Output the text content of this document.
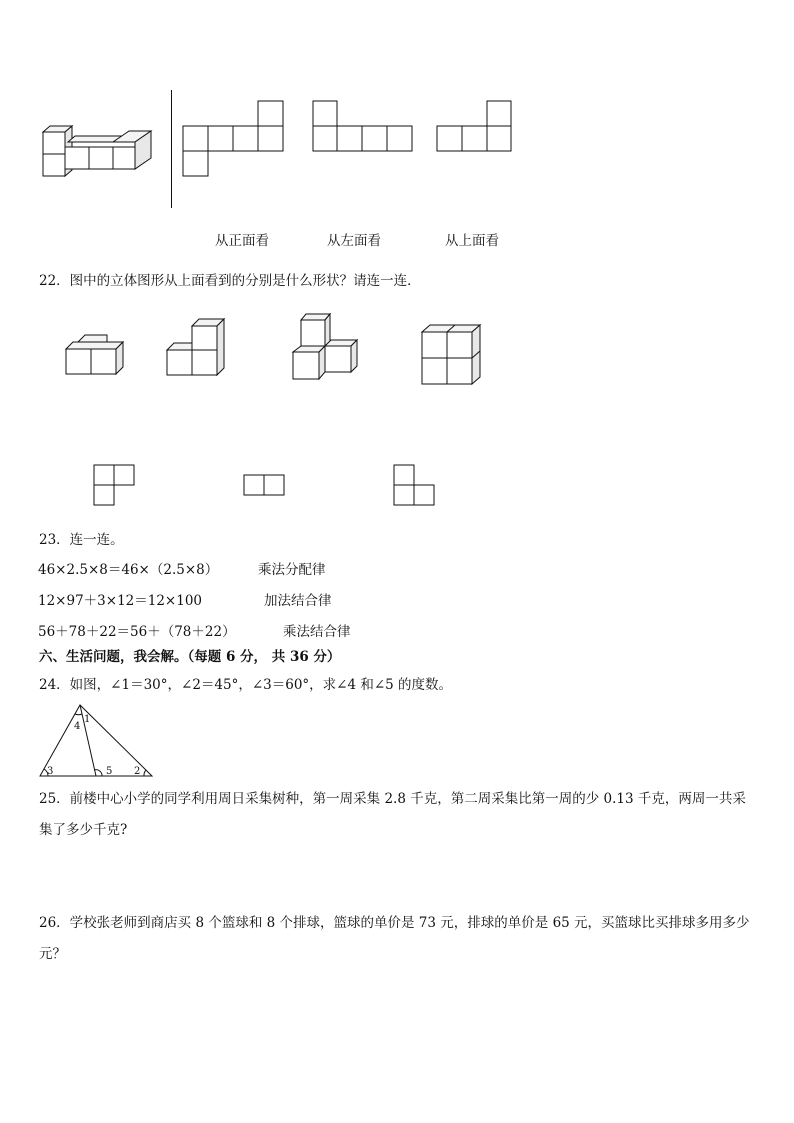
从正面看	从左面看	从上面看
22．图中的立体图形从上面看到的分别是什么形状？请连一连．
23．连一连。
46×2.5×8＝46×（2.5×8）
12×97＋3×12＝12×100
56＋78＋22＝56＋（78＋22）
乘法分配律
加法结合律
乘法结合律
六、生活问题，我会解。（每题 6 分， 共 36 分）
24．如图，∠1＝30°，∠2＝45°，∠3＝60°，求∠4 和∠5 的度数。
1
4
3	5 2
25．前楼中心小学的同学利用周日采集树种，第一周采集 2.8 千克，第二周采集比第一周的少 0.13 千克，两周一共采集了多少千克?
26．学校张老师到商店买 8 个篮球和 8 个排球，篮球的单价是 73 元，排球的单价是 65 元，买篮球比买排球多用多少元？
